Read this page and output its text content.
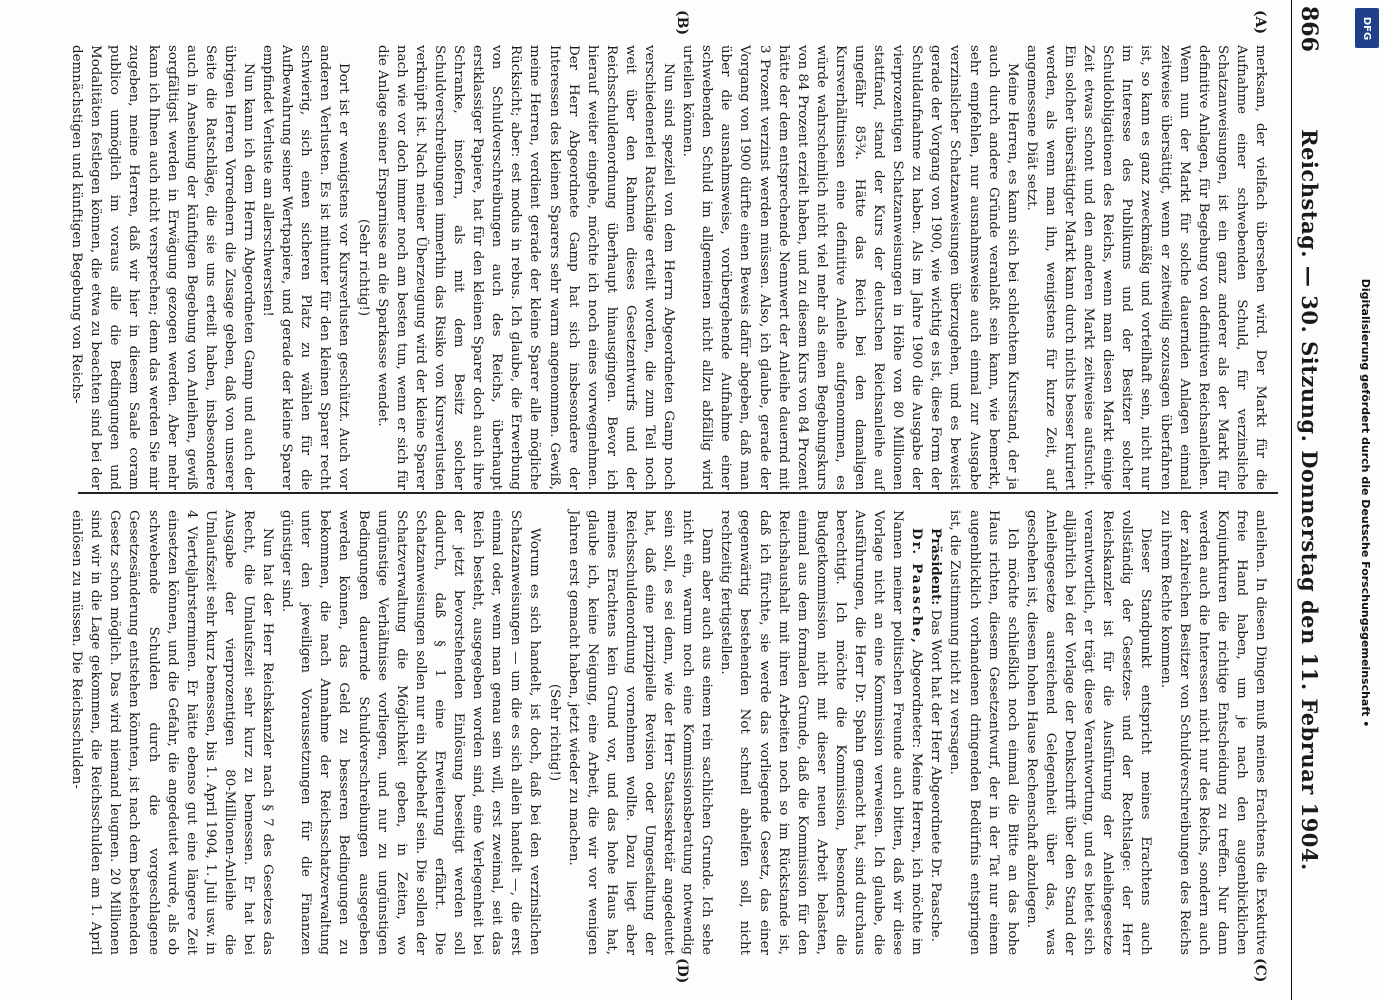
866
Reichstag. — 30. Sitzung. Donnerstag den 11. Februar 1904.
(A)
(B)
(C)
(D)

merksam, der vielfach übersehen wird. Der Markt für die Aufnahme einer schwebenden Schuld, für verzinsliche Schatzanweisungen, ist ein ganz anderer als der Markt für definitive Anlagen, für Begebung von definitiven Reichsanleihen. Wenn nun der Markt für solche dauernden Anlagen einmal zeitweise übersättigt, wenn er zeitweilig sozusagen überfahren ist, so kann es ganz zweckmäßig und vorteilhaft sein, nicht nur im Interesse des Publikums und der Besitzer solcher Schuldobligationen des Reichs, wenn man diesen Markt einige Zeit etwas schont und den anderen Markt zeitweise aufsucht. Ein solcher übersättigter Markt kann durch nichts besser kuriert werden, als wenn man ihn, wenigstens für kurze Zeit, auf angemessene Diät setzt.

Meine Herren, es kann sich bei schlechtem Kursstand, der ja auch durch andere Gründe veranlaßt sein kann, wie bemerkt, sehr empfehlen, nur ausnahmsweise auch einmal zur Ausgabe verzinslicher Schatzanweisungen überzugehen, und es beweist gerade der Vorgang von 1900, wie wichtig es ist, diese Form der Schuldaufnahme zu haben. Als im Jahre 1900 die Ausgabe der vierprozentigen Schatzanweisungen in Höhe von 80 Millionen stattfand, stand der Kurs der deutschen Reichsanleihe auf ungefähr 85¾. Hätte das Reich bei den damaligen Kursverhältnissen eine definitive Anleihe aufgenommen, es würde wahrscheinlich nicht viel mehr als einen Begebungskurs von 84 Prozent erzielt haben, und zu diesem Kurs von 84 Prozent hätte der dem entsprechende Nennwert der Anleihe dauernd mit 3 Prozent verzinst werden müssen. Also, ich glaube, gerade der Vorgang von 1900 dürfte einen Beweis dafür abgeben, daß man über die ausnahmsweise, vorübergehende Aufnahme einer schwebenden Schuld im allgemeinen nicht allzu abfällig wird urteilen können.

Nun sind speziell von dem Herrn Abgeordneten Gamp noch verschiedenerlei Ratschläge erteilt worden, die zum Teil noch weit über den Rahmen dieses Gesetzentwurfs und der Reichsschuldenordnung überhaupt hinausgingen. Bevor ich hierauf weiter eingehe, möchte ich noch eines vorwegnehmen. Der Herr Abgeordnete Gamp hat sich insbesondere der Interessen des kleinen Sparers sehr warm angenommen. Gewiß, meine Herren, verdient gerade der kleine Sparer alle mögliche Rücksicht; aber: est modus in rebus. Ich glaube, die Erwerbung von Schuldverschreibungen auch des Reichs, überhaupt erstklassiger Papiere, hat für den kleinen Sparer doch auch ihre Schranke, insofern, als mit dem Besitz solcher Schuldverschreibungen immerhin das Risiko von Kursverlusten verknüpft ist. Nach meiner Überzeugung wird der kleine Sparer nach wie vor doch immer noch am besten tun, wenn er sich für die Anlage seiner Ersparnisse an die Sparkasse wendet.

(Sehr richtig!)

Dort ist er wenigstens vor Kursverlusten geschützt. Auch vor anderen Verlusten. Es ist mitunter für den kleinen Sparer recht schwierig, sich einen sicheren Platz zu wählen für die Aufbewahrung seiner Wertpapiere, und gerade der kleine Sparer empfindet Verluste am allerschwersten!

Nun kann ich dem Herrn Abgeordneten Gamp und auch der übrigen Herren Vorrednern die Zusage geben, daß von unserer Seite die Ratschläge, die sie uns erteilt haben, insbesondere auch in Ansehung der künftigen Begebung von Anleihen, gewiß sorgfältigst werden in Erwägung gezogen werden. Aber mehr kann ich Ihnen auch nicht versprechen; denn das werden Sie mir zugeben, meine Herren, daß wir hier in diesem Saale coram publico unmöglich im voraus alle die Bedingungen und Modalitäten festlegen können, die etwa zu beachten sind bei der demnächstigen und künftigen Begebung von Reichs-

anleihen. In diesen Dingen muß meines Erachtens die Exekutive freie Hand haben, um je nach den augenblicklichen Konjunkturen die richtige Entscheidung zu treffen. Nur dann werden auch die Interessen nicht nur des Reichs, sondern auch der zahlreichen Besitzer von Schuldverschreibungen des Reichs zu ihrem Rechte kommen.

Dieser Standpunkt entspricht meines Erachtens auch vollständig der Gesetzes- und der Rechtslage: der Herr Reichskanzler ist für die Ausführung der Anleihegesetze verantwortlich, er trägt diese Verantwortung, und es bietet sich alljährlich bei der Vorlage der Denkschrift über den Stand der Anleihegesetze ausreichend Gelegenheit über das, was geschehen ist, diesem hohen Hause Rechenschaft abzulegen.

Ich möchte schließlich noch einmal die Bitte an das hohe Haus richten, diesem Gesetzentwurf, der in der Tat nur einem augenblicklich vorhandenen dringenden Bedürfnis entspringen ist, die Zustimmung nicht zu versagen.

Präsident: Das Wort hat der Herr Abgeordnete Dr. Paasche.

Dr. Paasche, Abgeordneter: Meine Herren, ich möchte im Namen meiner politischen Freunde auch bitten, daß wir diese Vorlage nicht an eine Kommission verweisen. Ich glaube, die Ausführungen, die Herr Dr. Spahn gemacht hat, sind durchaus berechtigt. Ich möchte die Kommission, besonders die Budgetkommission nicht mit dieser neuen Arbeit belasten, einmal aus dem formalen Grunde, daß die Kommission für den Reichshaushalt mit ihren Arbeiten noch so im Rückstande ist, daß ich fürchte, sie werde das vorliegende Gesetz, das einer gegenwärtig bestehenden Not schnell abhelfen soll, nicht rechtzeitig fertigstellen.

Dann aber auch aus einem rein sachlichen Grunde. Ich sehe nicht ein, warum noch eine Kommissionsberatung notwendig sein soll, es sei denn, wie der Herr Staatssekretär angedeutet hat, daß eine prinzipielle Revision oder Umgestaltung der Reichsschuldenordnung vornehmen wollte. Dazu liegt aber meines Erachtens kein Grund vor, und das hohe Haus hat, glaube ich, keine Neigung, eine Arbeit, die wir vor wenigen Jahren erst gemacht haben, jetzt wieder zu machen.

(Sehr richtig!)

Worum es sich handelt, ist doch, daß bei den verzinslichen Schatzanweisungen — um die es sich allein handelt —, die erst einmal oder, wenn man genau sein will, erst zweimal, seit das Reich besteht, ausgegeben worden sind, eine Verlegenheit bei der jetzt bevorstehenden Einlösung beseitigt werden soll dadurch, daß § 1 eine Erweiterung erfährt. Die Schatzanweisungen sollen nur ein Notbehelf sein. Die sollen der Schatzverwaltung die Möglichkeit geben, in Zeiten, wo ungünstige Verhältnisse vorliegen, und nur zu ungünstigen Bedingungen dauernde Schuldverschreibungen ausgegeben werden können, das Geld zu besseren Bedingungen zu bekommen, die nach Annahme der Reichsschatzverwaltung unter den jeweiligen Voraussetzungen für die Finanzen günstiger sind.

Nun hat der Herr Reichskanzler nach § 7 des Gesetzes das Recht, die Umlaufszeit sehr kurz zu bemessen. Er hat bei Ausgabe der vierprozentigen 80-Millionen-Anleihe die Umlaufszeit sehr kurz bemessen, bis 1. April 1904, 1. Juli usw. in 4 Vierteljahrsterminen. Er hätte ebenso gut eine längere Zeit einsetzen können, und die Gefahr, die angedeutet wurde, als ob schwebende Schulden durch die vorgeschlagene Gesetzesänderung entstehen könnten, ist nach dem bestehenden Gesetz schon möglich. Das wird niemand leugnen. 20 Millionen sind wir in die Lage gekommen, die Reichsschulden am 1. April einlösen zu müssen. Die Reichsschulden-

DFG
Digitalisierung gefördert durch die Deutsche Forschungsgemeinschaft •
